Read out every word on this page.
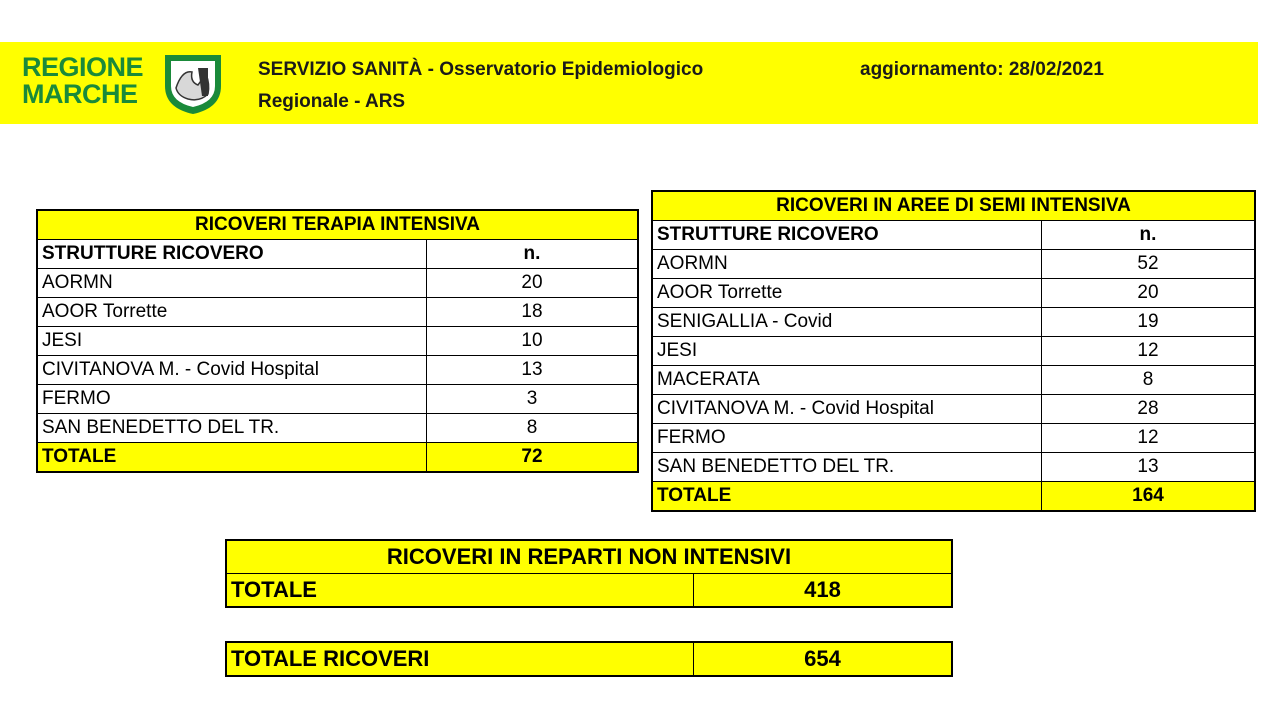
REGIONE
MARCHE
SERVIZIO SANITÀ - Osservatorio Epidemiologico
Regionale - ARS
aggiornamento: 28/02/2021
RICOVERI TERAPIA INTENSIVA	
STRUTTURE RICOVERO	n.
AORMN	20
AOOR Torrette	18
JESI	10
CIVITANOVA M. - Covid Hospital	13
FERMO	3
SAN BENEDETTO DEL TR.	8
TOTALE	72
RICOVERI IN AREE DI SEMI INTENSIVA	
STRUTTURE RICOVERO	n.
AORMN	52
AOOR Torrette	20
SENIGALLIA - Covid	19
JESI	12
MACERATA	8
CIVITANOVA M. - Covid Hospital	28
FERMO	12
SAN BENEDETTO DEL TR.	13
TOTALE	164
RICOVERI IN REPARTI NON INTENSIVI
TOTALE	418
TOTALE RICOVERI	654
